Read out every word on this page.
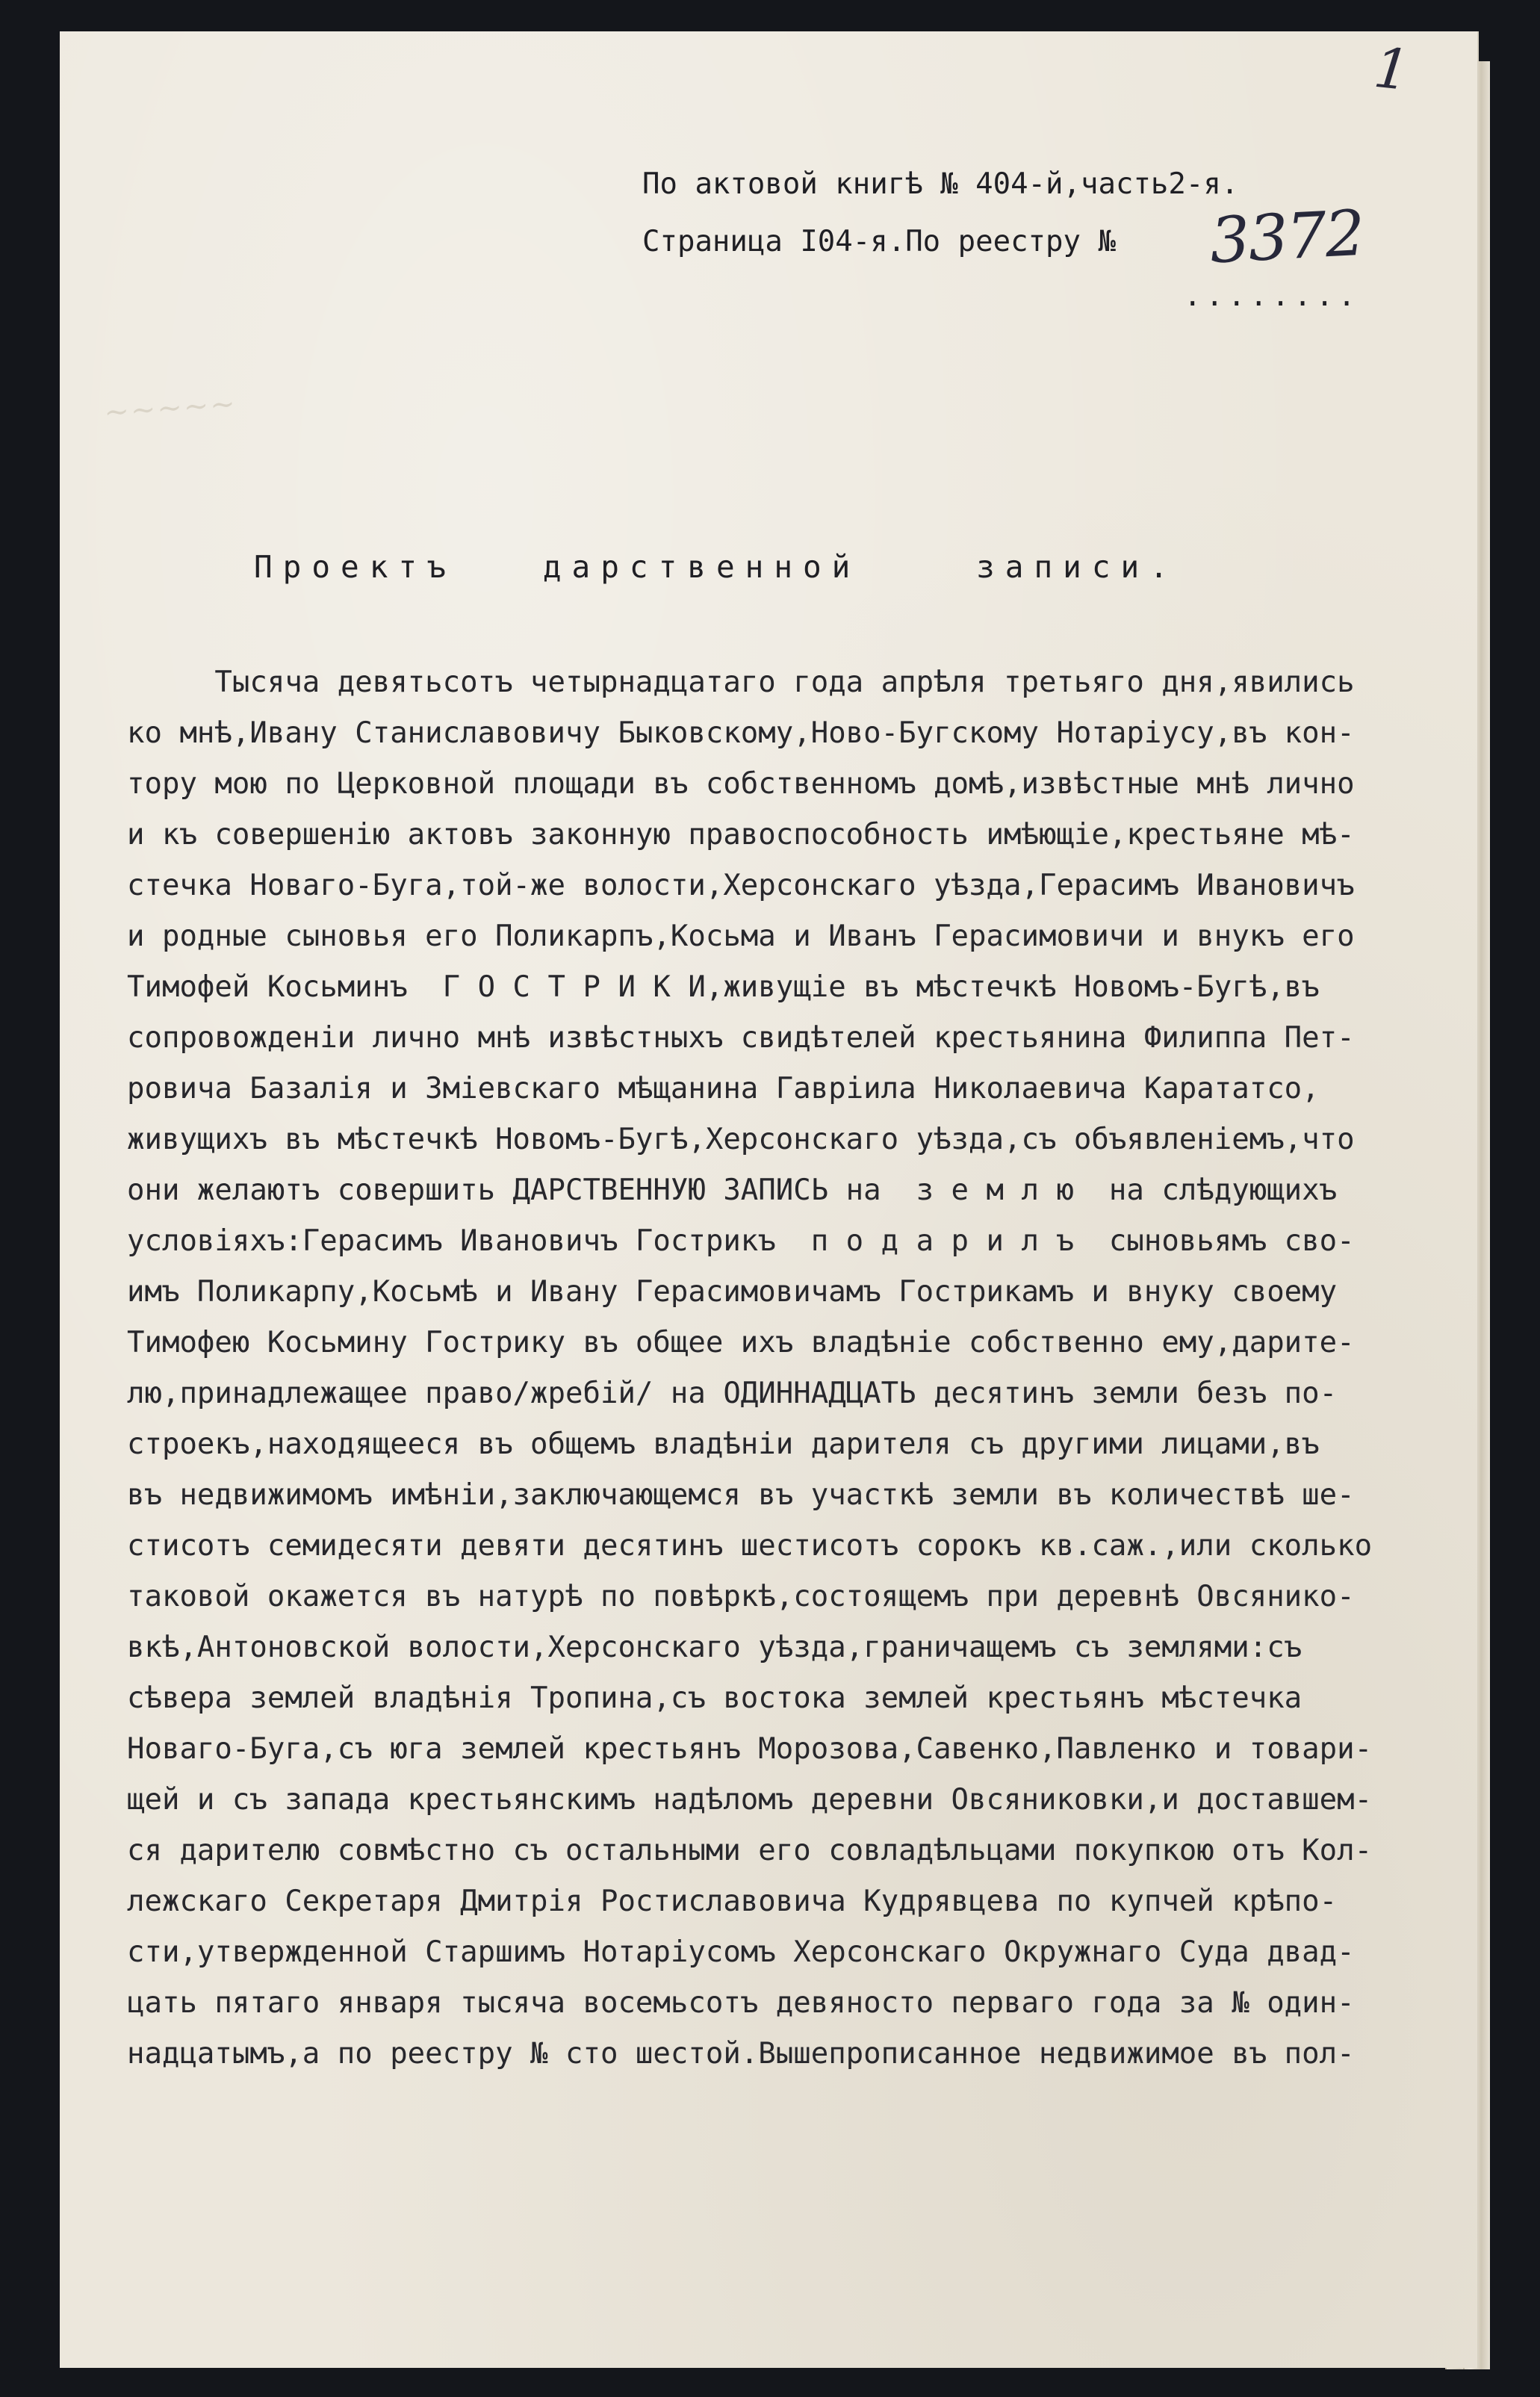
~~~~~
1
По актовой книгѣ № 404-й,часть2-я.
Страница I04-я.По реестру №	3372
........
Проектъ   дарственной    записи.
Тысяча девятьсотъ четырнадцатаго года апрѣля третьяго дня,явились
ко мнѣ,Ивану Станиславовичу Быковскому,Ново-Бугскому Нотаріусу,въ кон-
тору мою по Церковной площади въ собственномъ домѣ,извѣстные мнѣ лично
и къ совершенію актовъ законную правоспособность имѣющіе,крестьяне мѣ-
стечка Новаго-Буга,той-же волости,Херсонскаго уѣзда,Герасимъ Ивановичъ
и родные сыновья его Поликарпъ,Косьма и Иванъ Герасимовичи и внукъ его
Тимофей Косьминъ  Г О С Т Р И К И,живущіе въ мѣстечкѣ Новомъ-Бугѣ,въ
сопровожденіи лично мнѣ извѣстныхъ свидѣтелей крестьянина Филиппа Пет-
ровича Базалія и Зміевскаго мѣщанина Гавріила Николаевича Карататсо,
живущихъ въ мѣстечкѣ Новомъ-Бугѣ,Херсонскаго уѣзда,съ объявленіемъ,что
они желаютъ совершить ДАРСТВЕННУЮ ЗАПИСЬ на  з е м л ю  на слѣдующихъ
условіяхъ:Герасимъ Ивановичъ Гострикъ  п о д а р и л ъ  сыновьямъ сво-
имъ Поликарпу,Косьмѣ и Ивану Герасимовичамъ Гострикамъ и внуку своему
Тимофею Косьмину Гострику въ общее ихъ владѣніе собственно ему,дарите-
лю,принадлежащее право/жребій/ на ОДИННАДЦАТЬ десятинъ земли безъ по-
строекъ,находящееся въ общемъ владѣніи дарителя съ другими лицами,въ
въ недвижимомъ имѣніи,заключающемся въ участкѣ земли въ количествѣ ше-
стисотъ семидесяти девяти десятинъ шестисотъ сорокъ кв.саж.,или сколько
таковой окажется въ натурѣ по повѣркѣ,состоящемъ при деревнѣ Овсянико-
вкѣ,Антоновской волости,Херсонскаго уѣзда,граничащемъ съ землями:съ
сѣвера землей владѣнія Тропина,съ востока землей крестьянъ мѣстечка
Новаго-Буга,съ юга землей крестьянъ Морозова,Савенко,Павленко и товари-
щей и съ запада крестьянскимъ надѣломъ деревни Овсяниковки,и доставшем-
ся дарителю совмѣстно съ остальными его совладѣльцами покупкою отъ Кол-
лежскаго Секретаря Дмитрія Ростиславовича Кудрявцева по купчей крѣпо-
сти,утвержденной Старшимъ Нотаріусомъ Херсонскаго Окружнаго Суда двад-
цать пятаго января тысяча восемьсотъ девяносто перваго года за № один-
надцатымъ,а по реестру № сто шестой.Вышепрописанное недвижимое въ пол-
